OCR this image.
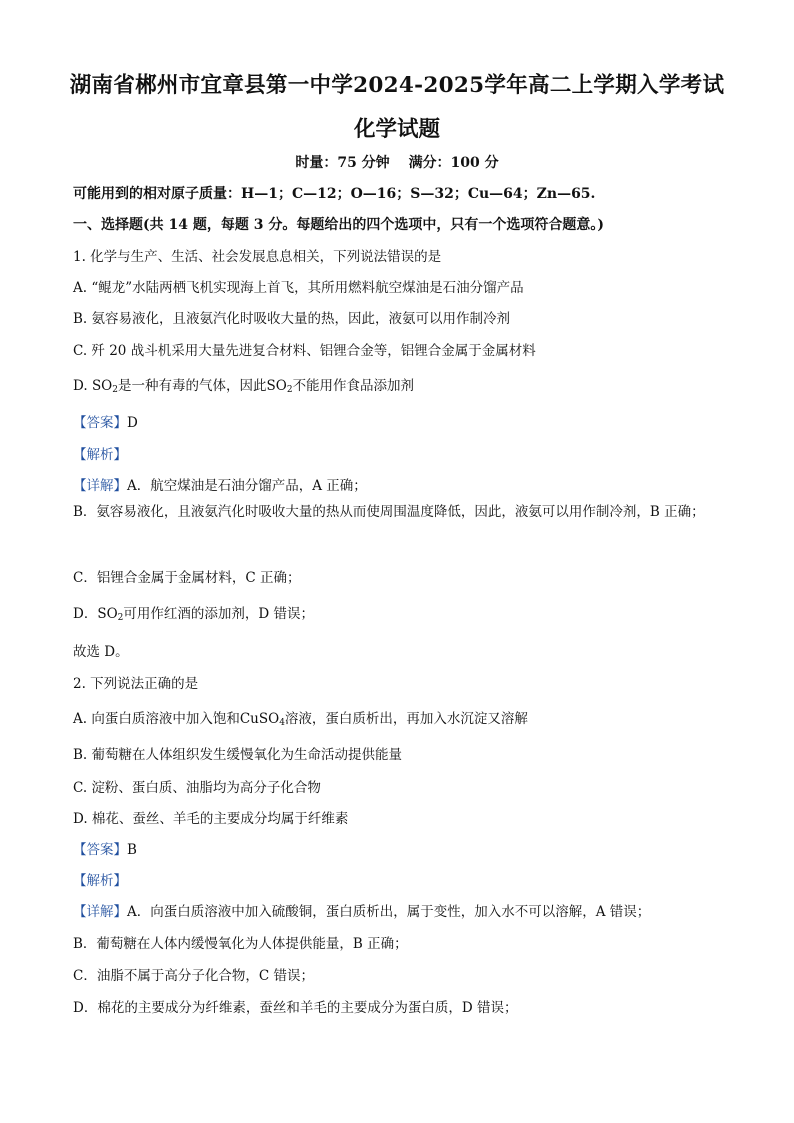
湖南省郴州市宜章县第一中学2024-2025学年高二上学期入学考试
化学试题
时量：75 分钟 满分：100 分
可能用到的相对原子质量：H—1；C—12；O—16；S—32；Cu—64；Zn—65.
一、选择题(共 14 题，每题 3 分。每题给出的四个选项中，只有一个选项符合题意。)
1. 化学与生产、生活、社会发展息息相关，下列说法错误的是
A. “鲲龙”水陆两栖飞机实现海上首飞，其所用燃料航空煤油是石油分馏产品
B. 氨容易液化，且液氨汽化时吸收大量的热，因此，液氨可以用作制冷剂
C. 歼 20 战斗机采用大量先进复合材料、铝锂合金等，铝锂合金属于金属材料
D. $SO_2$是一种有毒的气体，因此$SO_2$不能用作食品添加剂
【答案】D
【解析】
【详解】A．航空煤油是石油分馏产品，A 正确；
B．氨容易液化，且液氨汽化时吸收大量的热从而使周围温度降低，因此，液氨可以用作制冷剂，B 正确；
C．铝锂合金属于金属材料，C 正确；
D．$SO_2$可用作红酒的添加剂，D 错误；
故选 D。
2. 下列说法正确的是
A. 向蛋白质溶液中加入饱和CuSO$_4$溶液，蛋白质析出，再加入水沉淀又溶解
B. 葡萄糖在人体组织发生缓慢氧化为生命活动提供能量
C. 淀粉、蛋白质、油脂均为高分子化合物
D. 棉花、蚕丝、羊毛的主要成分均属于纤维素
【答案】B
【解析】
【详解】A．向蛋白质溶液中加入硫酸铜，蛋白质析出，属于变性，加入水不可以溶解，A 错误；
B．葡萄糖在人体内缓慢氧化为人体提供能量，B 正确；
C．油脂不属于高分子化合物，C 错误；
D．棉花的主要成分为纤维素，蚕丝和羊毛的主要成分为蛋白质，D 错误；
